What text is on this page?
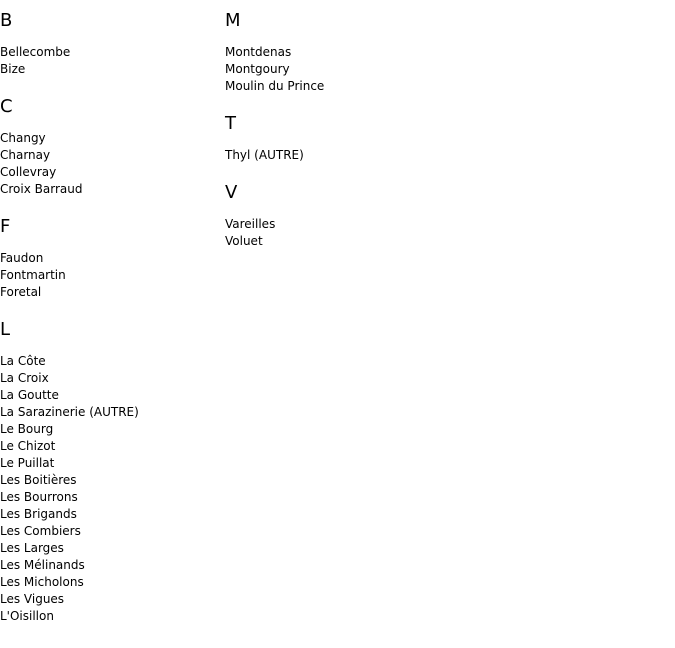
B
Bellecombe
Bize
C
Changy
Charnay
Collevray
Croix Barraud
F
Faudon
Fontmartin
Foretal
L
La Côte
La Croix
La Goutte
La Sarazinerie (AUTRE)
Le Bourg
Le Chizot
Le Puillat
Les Boitières
Les Bourrons
Les Brigands
Les Combiers
Les Larges
Les Mélinands
Les Micholons
Les Vigues
L'Oisillon
M
Montdenas
Montgoury
Moulin du Prince
T
Thyl (AUTRE)
V
Vareilles
Voluet
